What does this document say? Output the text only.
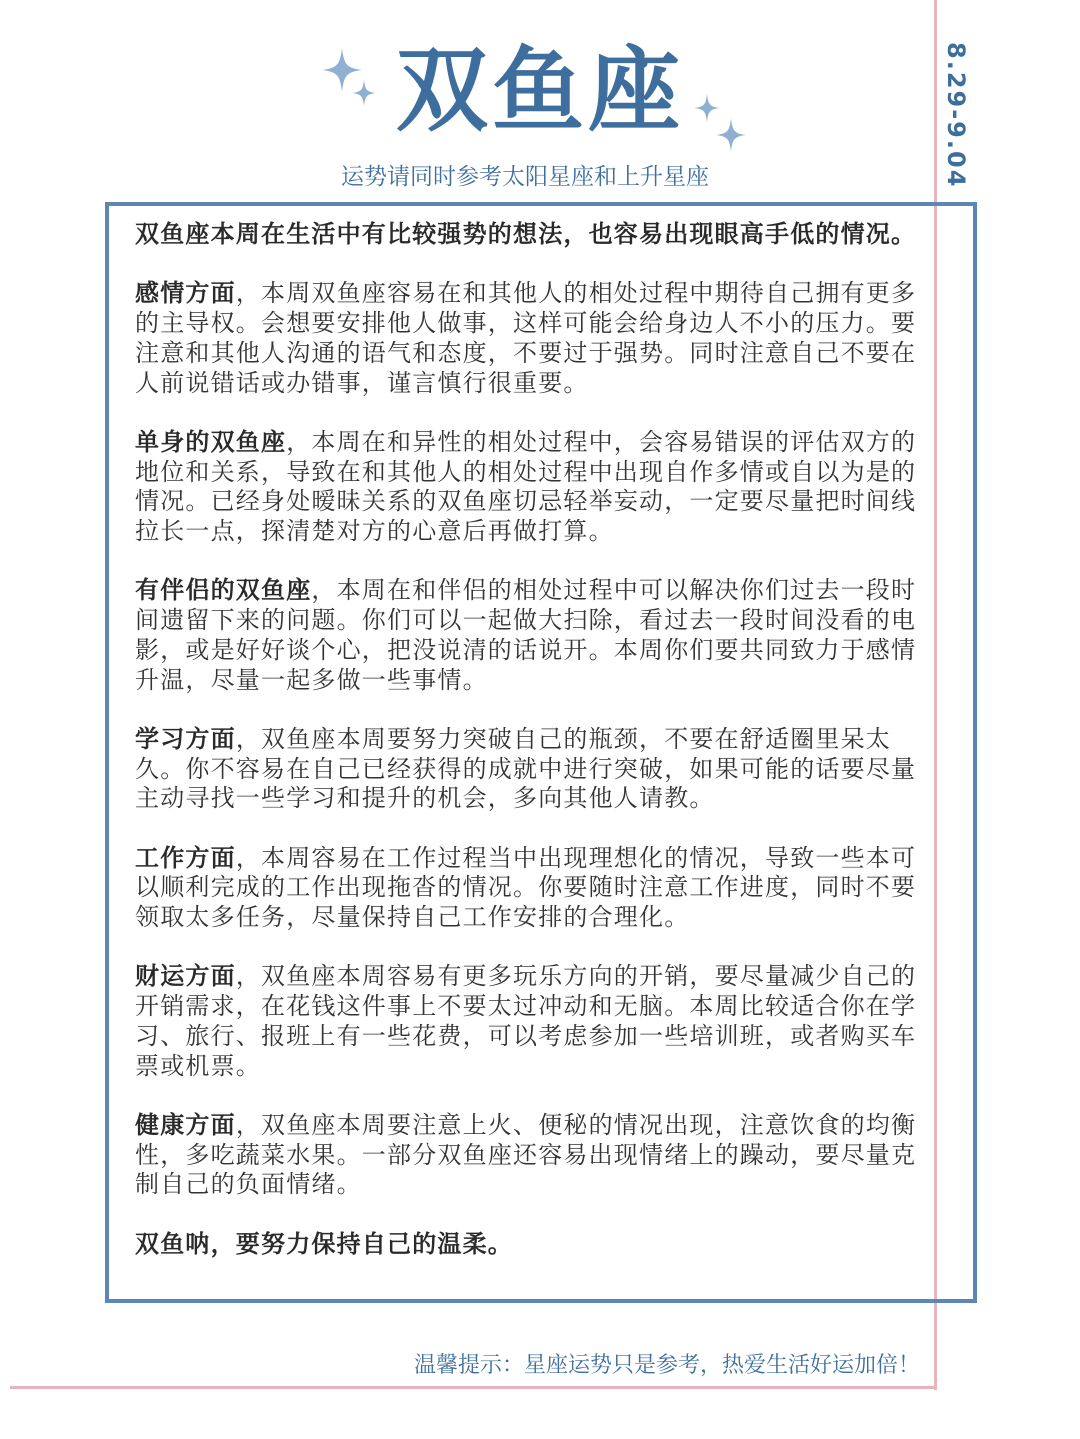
双鱼座
运势请同时参考太阳星座和上升星座	8.29-9.04

双鱼座本周在生活中有比较强势的想法，也容易出现眼高手低的情况。

感情方面，本周双鱼座容易在和其他人的相处过程中期待自己拥有更多的主导权。会想要安排他人做事，这样可能会给身边人不小的压力。要注意和其他人沟通的语气和态度，不要过于强势。同时注意自己不要在人前说错话或办错事，谨言慎行很重要。

单身的双鱼座，本周在和异性的相处过程中，会容易错误的评估双方的地位和关系，导致在和其他人的相处过程中出现自作多情或自以为是的情况。已经身处暧昧关系的双鱼座切忌轻举妄动，一定要尽量把时间线拉长一点，探清楚对方的心意后再做打算。

有伴侣的双鱼座，本周在和伴侣的相处过程中可以解决你们过去一段时间遗留下来的问题。你们可以一起做大扫除，看过去一段时间没看的电影，或是好好谈个心，把没说清的话说开。本周你们要共同致力于感情升温，尽量一起多做一些事情。

学习方面，双鱼座本周要努力突破自己的瓶颈，不要在舒适圈里呆太久。你不容易在自己已经获得的成就中进行突破，如果可能的话要尽量主动寻找一些学习和提升的机会，多向其他人请教。

工作方面，本周容易在工作过程当中出现理想化的情况，导致一些本可以顺利完成的工作出现拖沓的情况。你要随时注意工作进度，同时不要领取太多任务，尽量保持自己工作安排的合理化。

财运方面，双鱼座本周容易有更多玩乐方向的开销，要尽量减少自己的开销需求，在花钱这件事上不要太过冲动和无脑。本周比较适合你在学习、旅行、报班上有一些花费，可以考虑参加一些培训班，或者购买车票或机票。

健康方面，双鱼座本周要注意上火、便秘的情况出现，注意饮食的均衡性，多吃蔬菜水果。一部分双鱼座还容易出现情绪上的躁动，要尽量克制自己的负面情绪。

双鱼呐，要努力保持自己的温柔。

温馨提示：星座运势只是参考，热爱生活好运加倍！
